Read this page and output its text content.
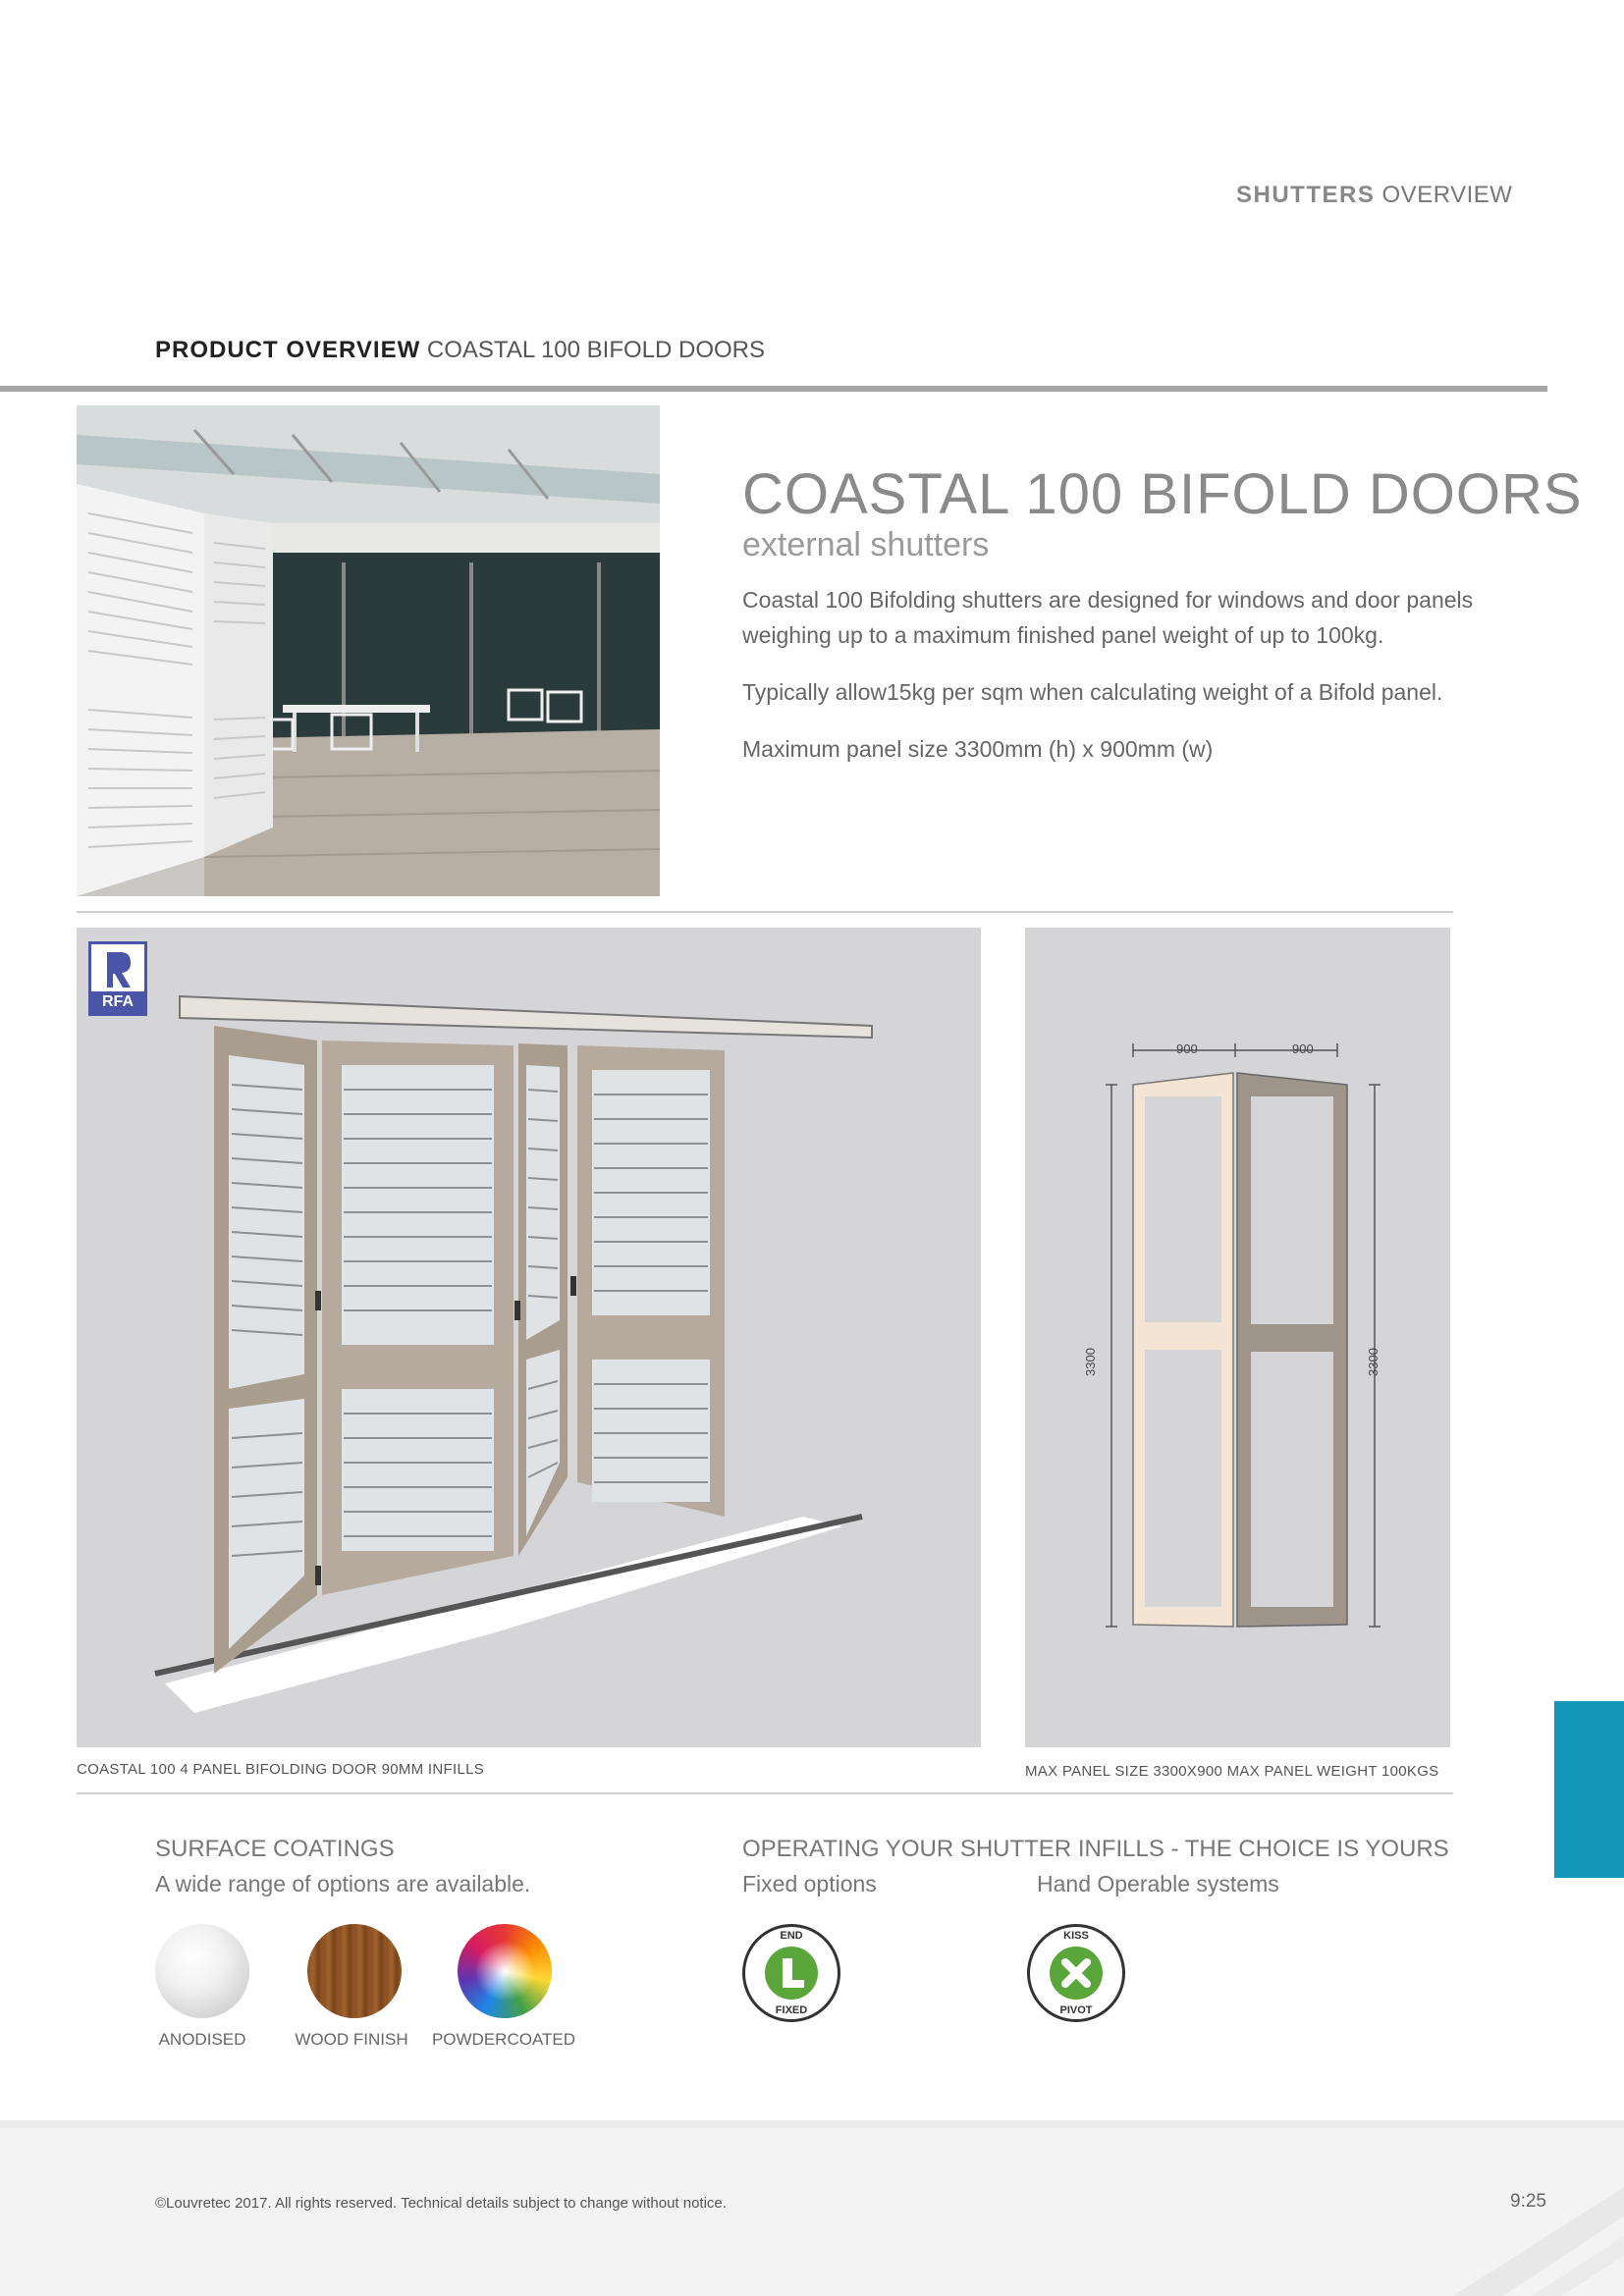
SHUTTERS OVERVIEW
PRODUCT OVERVIEW COASTAL 100 BIFOLD DOORS
COASTAL 100 BIFOLD DOORS
external shutters
Coastal 100 Bifolding shutters are designed for windows and door panels weighing up to a maximum finished panel weight of up to 100kg.
Typically allow15kg per sqm when calculating weight of a Bifold panel.
Maximum panel size 3300mm (h) x 900mm (w)
RFA
900	900
3300	3300
COASTAL 100 4 PANEL BIFOLDING DOOR 90MM INFILLS	MAX PANEL SIZE 3300X900 MAX PANEL WEIGHT 100KGS
SURFACE COATINGS
A wide range of options are available.
ANODISED	WOOD FINISH	POWDERCOATED
OPERATING YOUR SHUTTER INFILLS - THE CHOICE IS YOURS
Fixed options	Hand Operable systems
END
FIXED
KISS
PIVOT
©Louvretec 2017. All rights reserved. Technical details subject to change without notice.	9:25
